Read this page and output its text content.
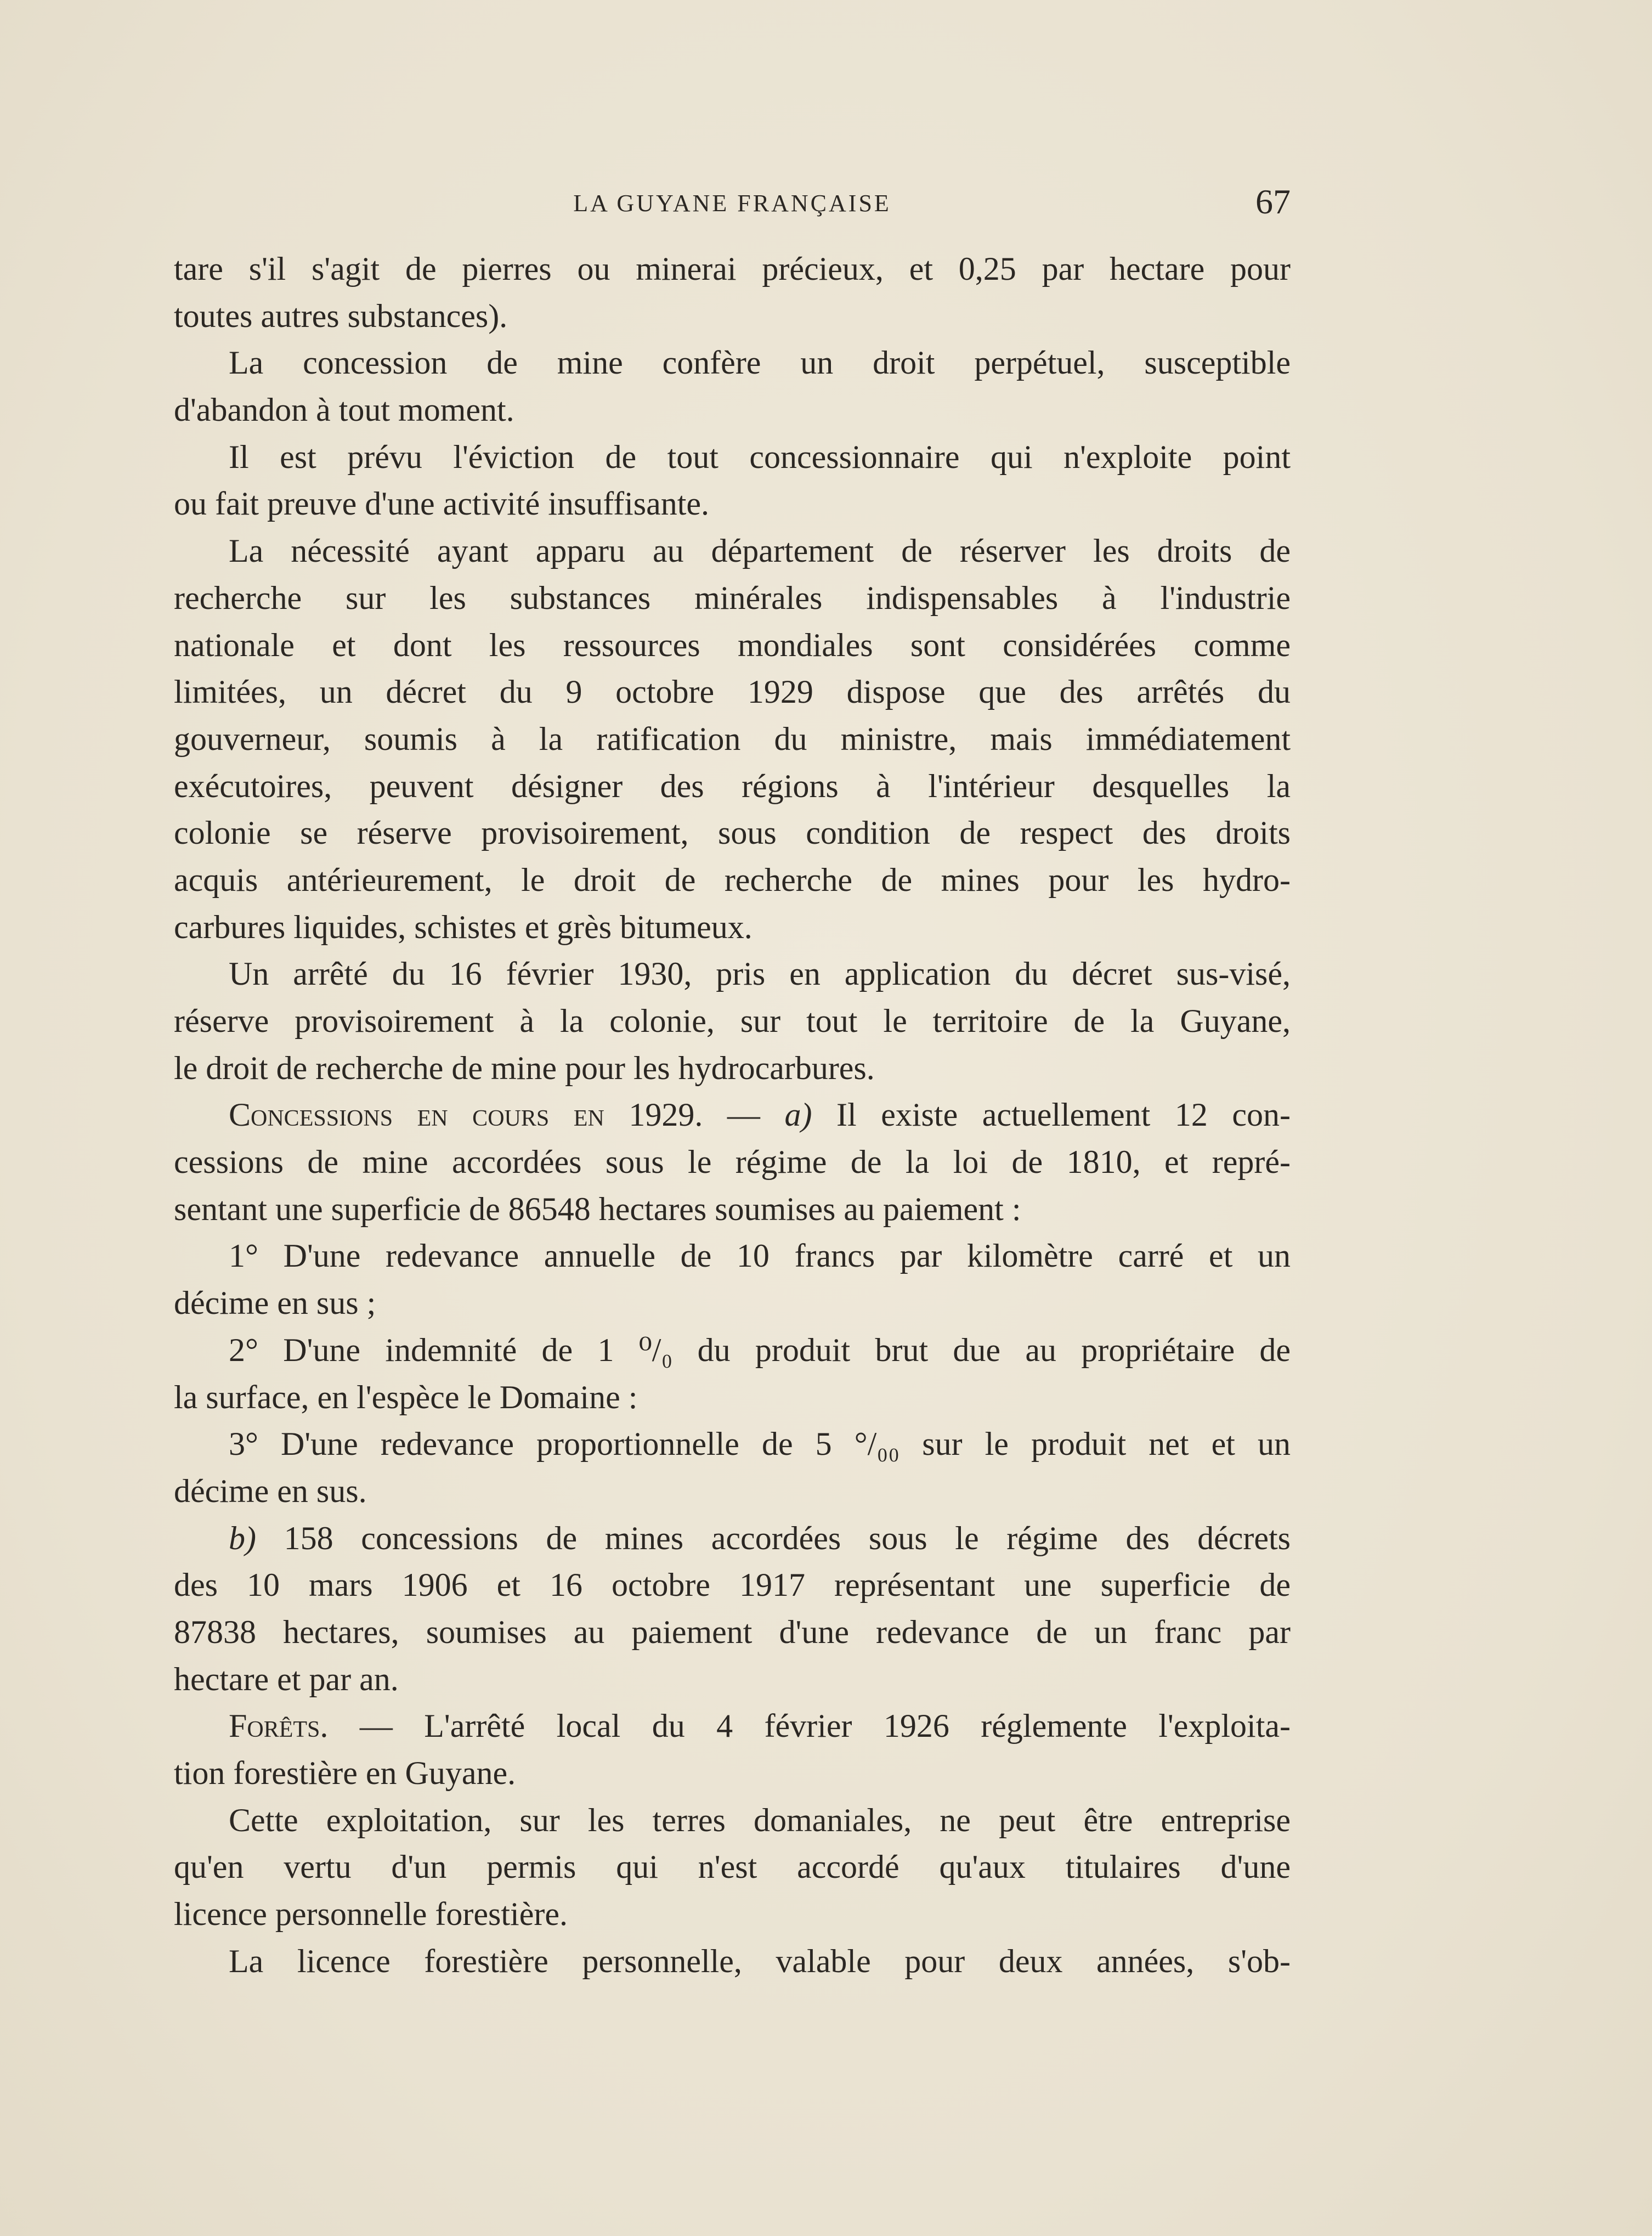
LA GUYANE FRANÇAISE	67
tare s'il s'agit de pierres ou minerai précieux, et 0,25 par hectare pour
toutes autres substances).
La concession de mine confère un droit perpétuel, susceptible
d'abandon à tout moment.
Il est prévu l'éviction de tout concessionnaire qui n'exploite point
ou fait preuve d'une activité insuffisante.
La nécessité ayant apparu au département de réserver les droits de
recherche sur les substances minérales indispensables à l'industrie
nationale et dont les ressources mondiales sont considérées comme
limitées, un décret du 9 octobre 1929 dispose que des arrêtés du
gouverneur, soumis à la ratification du ministre, mais immédiatement
exécutoires, peuvent désigner des régions à l'intérieur desquelles la
colonie se réserve provisoirement, sous condition de respect des droits
acquis antérieurement, le droit de recherche de mines pour les hydro-
carbures liquides, schistes et grès bitumeux.
Un arrêté du 16 février 1930, pris en application du décret sus-visé,
réserve provisoirement à la colonie, sur tout le territoire de la Guyane,
le droit de recherche de mine pour les hydrocarbures.
Concessions en cours en 1929. — a) Il existe actuellement 12 con-
cessions de mine accordées sous le régime de la loi de 1810, et repré-
sentant une superficie de 86548 hectares soumises au paiement :
1° D'une redevance annuelle de 10 francs par kilomètre carré et un
décime en sus ;
2° D'une indemnité de 1 ⁰/₀ du produit brut due au propriétaire de
la surface, en l'espèce le Domaine :
3° D'une redevance proportionnelle de 5 °/₀₀ sur le produit net et un
décime en sus.
b) 158 concessions de mines accordées sous le régime des décrets
des 10 mars 1906 et 16 octobre 1917 représentant une superficie de
87838 hectares, soumises au paiement d'une redevance de un franc par
hectare et par an.
Forêts. — L'arrêté local du 4 février 1926 réglemente l'exploita-
tion forestière en Guyane.
Cette exploitation, sur les terres domaniales, ne peut être entreprise
qu'en vertu d'un permis qui n'est accordé qu'aux titulaires d'une
licence personnelle forestière.
La licence forestière personnelle, valable pour deux années, s'ob-
